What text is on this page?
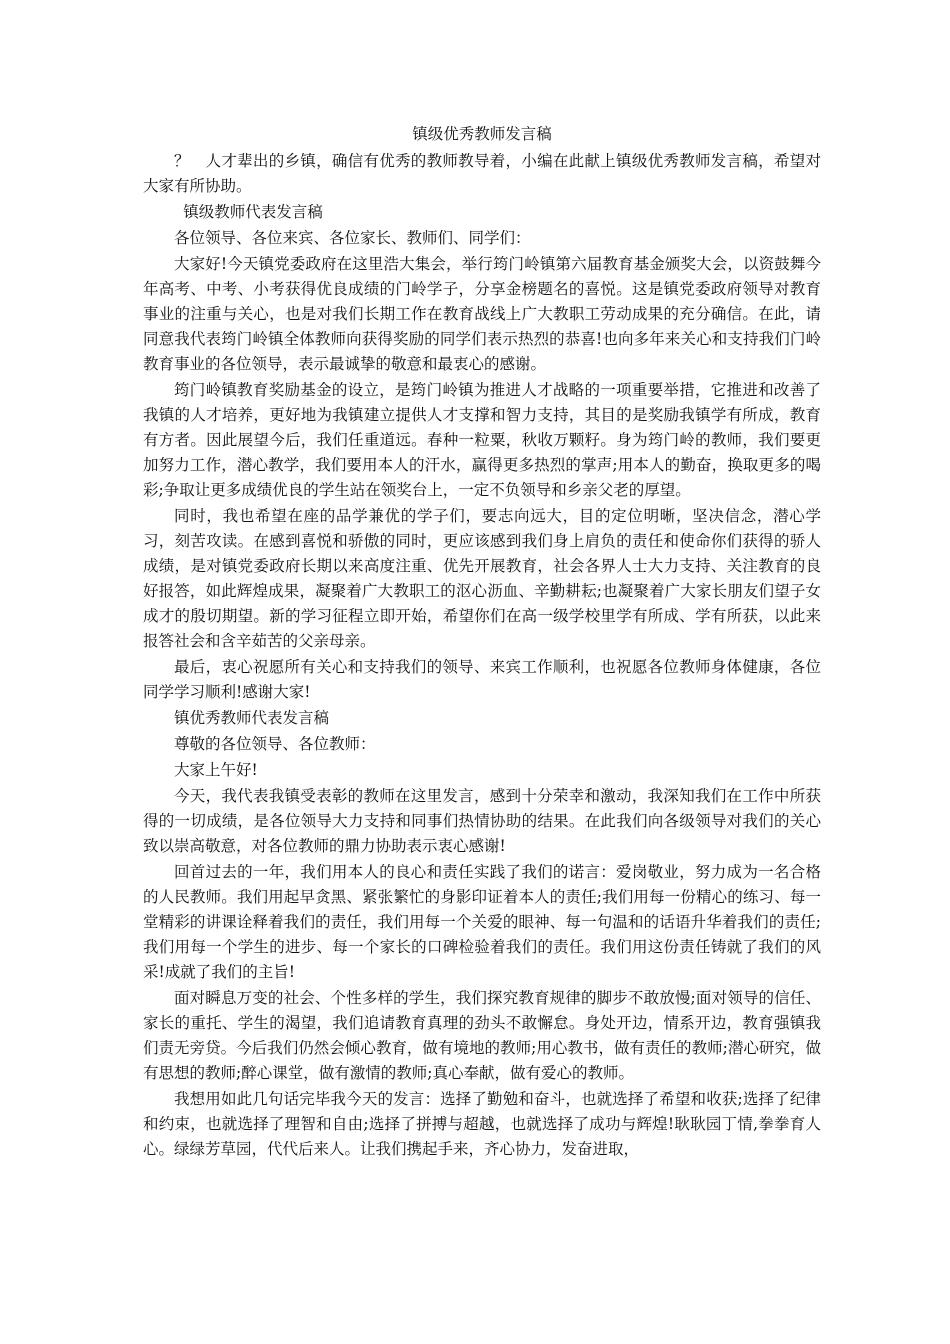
镇级优秀教师发言稿

？　人才辈出的乡镇，确信有优秀的教师教导着，小编在此献上镇级优秀教师发言稿，希望对大家有所协助。

镇级教师代表发言稿

各位领导、各位来宾、各位家长、教师们、同学们：

大家好!今天镇党委政府在这里浩大集会，举行筠门岭镇第六届教育基金颁奖大会，以资鼓舞今年高考、中考、小考获得优良成绩的门岭学子，分享金榜题名的喜悦。这是镇党委政府领导对教育事业的注重与关心，也是对我们长期工作在教育战线上广大教职工劳动成果的充分确信。在此，请同意我代表筠门岭镇全体教师向获得奖励的同学们表示热烈的恭喜!也向多年来关心和支持我们门岭教育事业的各位领导，表示最诚挚的敬意和最衷心的感谢。

筠门岭镇教育奖励基金的设立，是筠门岭镇为推进人才战略的一项重要举措，它推进和改善了我镇的人才培养，更好地为我镇建立提供人才支撑和智力支持，其目的是奖励我镇学有所成，教育有方者。因此展望今后，我们任重道远。春种一粒粟，秋收万颗籽。身为筠门岭的教师，我们要更加努力工作，潜心教学，我们要用本人的汗水，赢得更多热烈的掌声;用本人的勤奋，换取更多的喝彩;争取让更多成绩优良的学生站在领奖台上，一定不负领导和乡亲父老的厚望。

同时，我也希望在座的品学兼优的学子们，要志向远大，目的定位明晰，坚决信念，潜心学习，刻苦攻读。在感到喜悦和骄傲的同时，更应该感到我们身上肩负的责任和使命你们获得的骄人成绩，是对镇党委政府长期以来高度注重、优先开展教育，社会各界人士大力支持、关注教育的良好报答，如此辉煌成果，凝聚着广大教职工的沤心沥血、辛勤耕耘;也凝聚着广大家长朋友们望子女成才的殷切期望。新的学习征程立即开始，希望你们在高一级学校里学有所成、学有所获，以此来报答社会和含辛茹苦的父亲母亲。

最后，衷心祝愿所有关心和支持我们的领导、来宾工作顺利，也祝愿各位教师身体健康，各位同学学习顺利!感谢大家!

镇优秀教师代表发言稿

尊敬的各位领导、各位教师：

大家上午好!

今天，我代表我镇受表彰的教师在这里发言，感到十分荣幸和激动，我深知我们在工作中所获得的一切成绩，是各位领导大力支持和同事们热情协助的结果。在此我们向各级领导对我们的关心致以崇高敬意，对各位教师的鼎力协助表示衷心感谢!

回首过去的一年，我们用本人的良心和责任实践了我们的诺言：爱岗敬业，努力成为一名合格的人民教师。我们用起早贪黑、紧张繁忙的身影印证着本人的责任;我们用每一份精心的练习、每一堂精彩的讲课诠释着我们的责任，我们用每一个关爱的眼神、每一句温和的话语升华着我们的责任;我们用每一个学生的进步、每一个家长的口碑检验着我们的责任。我们用这份责任铸就了我们的风采!成就了我们的主旨!

面对瞬息万变的社会、个性多样的学生，我们探究教育规律的脚步不敢放慢;面对领导的信任、家长的重托、学生的渴望，我们追请教育真理的劲头不敢懈怠。身处开边，情系开边，教育强镇我们责无旁贷。今后我们仍然会倾心教育，做有境地的教师;用心教书，做有责任的教师;潜心研究，做有思想的教师;醉心课堂，做有激情的教师;真心奉献，做有爱心的教师。

我想用如此几句话完毕我今天的发言：选择了勤勉和奋斗，也就选择了希望和收获;选择了纪律和约束，也就选择了理智和自由;选择了拼搏与超越，也就选择了成功与辉煌!耿耿园丁情,拳拳育人心。绿绿芳草园，代代后来人。让我们携起手来，齐心协力，发奋进取，
